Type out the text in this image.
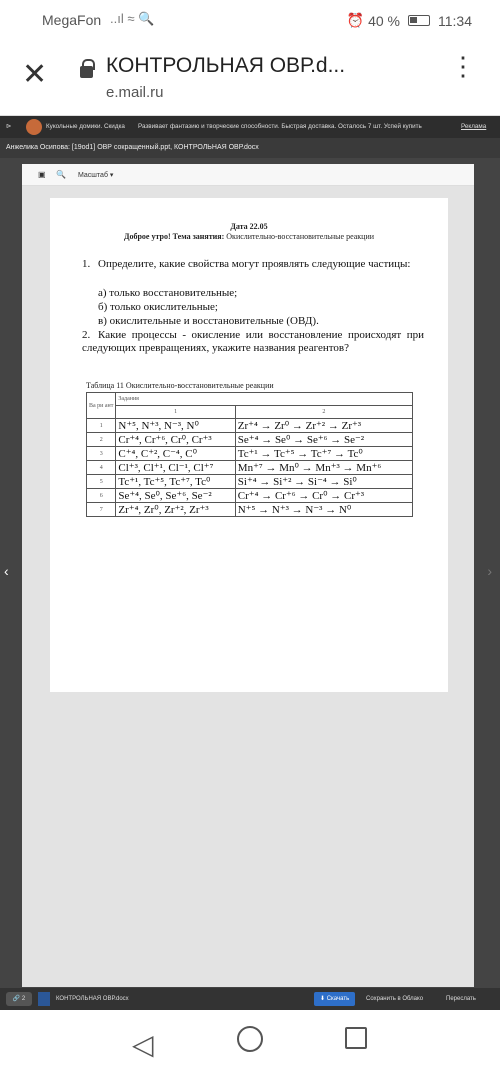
MegaFon ..ıl ≈ 🔍	⏰ 40 %	11:34
✕	КОНТРОЛЬНАЯ ОВР.d...
e.mail.ru
⋮
⊳	Кукольные домики. Скидка Развивает фантазию и творческие способности. Быстрая доставка. Осталось 7 шт. Успей купить	Реклама
Анжелика Осипова: [19od1] ОВР сокращенный.ppt, КОНТРОЛЬНАЯ ОВР.docx
▣ 🔍 Масштаб ▾
‹	›
Дата 22.05
Доброе утро! Тема занятия: Окислительно-восстановительные реакции
1. Определите, какие свойства могут проявлять следующие частицы:
а) только восстановительные;
б) только окислительные;
в) окислительные и восстановительные (ОВД).
2. Какие процессы - окисление или восстановление происходят при следующих превращениях, укажите названия реагентов?
Таблица 11 Окислительно-восстановительные реакции
Ва ри ант	Задания	
	1	2
1	N⁺⁵, N⁺³, N⁻³, N⁰	Zr⁺⁴ → Zr⁰ → Zr⁺² → Zr⁺³
2	Cr⁺⁴, Cr⁺⁶, Cr⁰, Cr⁺³	Se⁺⁴ → Se⁰ → Se⁺⁶ → Se⁻²
3	C⁺⁴, C⁺², C⁻⁴, C⁰	Tc⁺¹ → Tc⁺⁵ → Tc⁺⁷ → Tc⁰
4	Cl⁺³, Cl⁺¹, Cl⁻¹, Cl⁺⁷	Mn⁺⁷ → Mn⁰ → Mn⁺³ → Mn⁺⁶
5	Tc⁺¹, Tc⁺⁵, Tc⁺⁷, Tc⁰	Si⁺⁴ → Si⁺² → Si⁻⁴ → Si⁰
6	Se⁺⁴, Se⁰, Se⁺⁶, Se⁻²	Cr⁺⁴ → Cr⁺⁶ → Cr⁰ → Cr⁺³
7	Zr⁺⁴, Zr⁰, Zr⁺², Zr⁺³	N⁺⁵ → N⁺³ → N⁻³ → N⁰
🔗 2	КОНТРОЛЬНАЯ ОВР.docx	⬇ Скачать	Сохранить в Облако	Переслать
◁
